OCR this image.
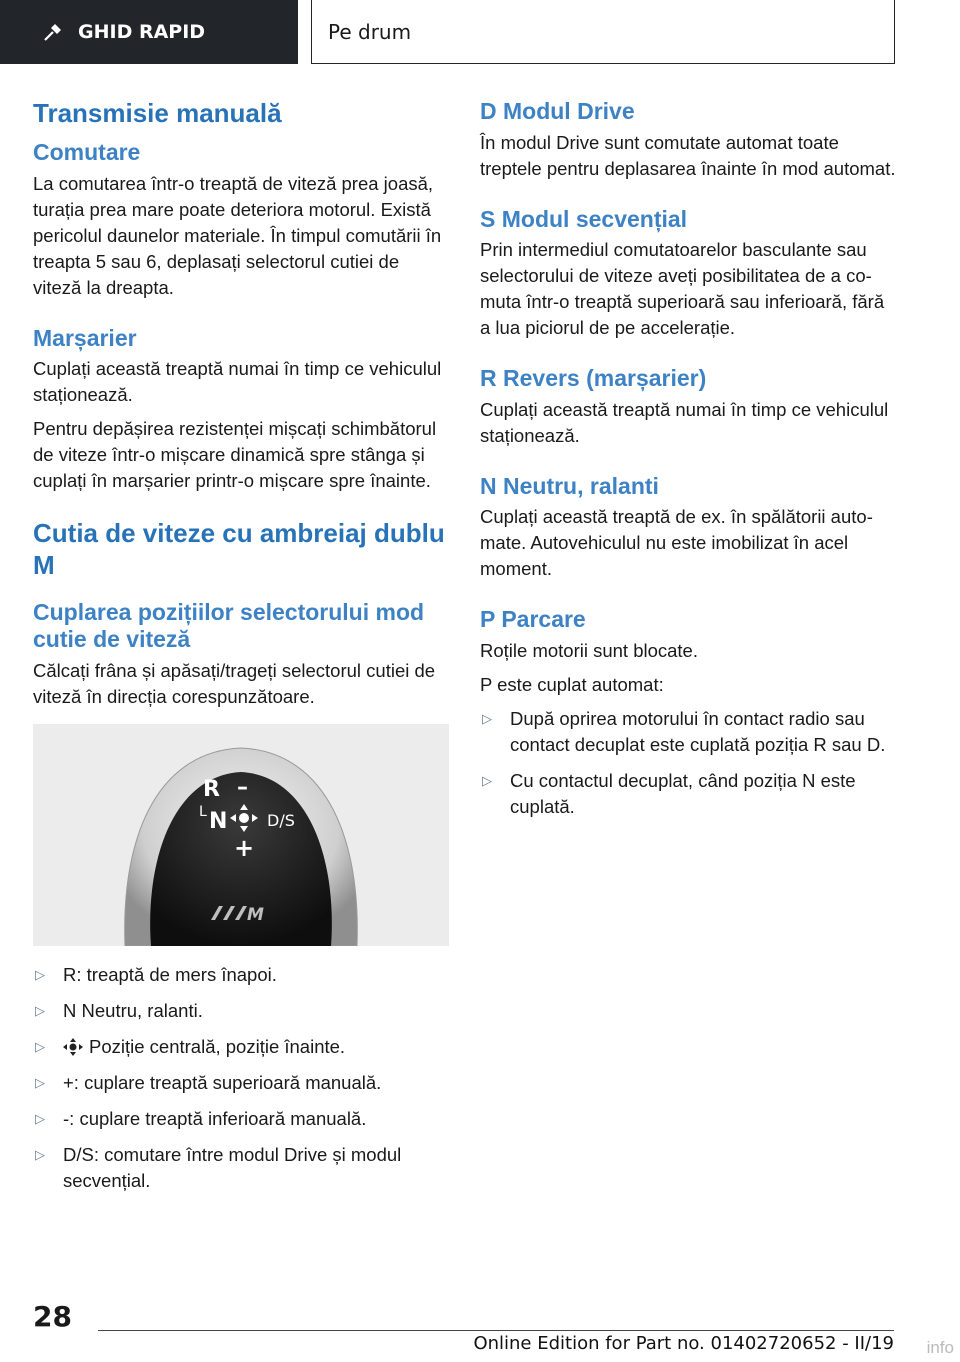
GHID RAPID	Pe drum
Transmisie manuală
Comutare

La comutarea într-o treaptă de viteză prea joasă, turația prea mare poate deteriora motorul. Există pericolul daunelor materiale. În timpul comutării în treapta 5 sau 6, deplasați selectorul cutiei de viteză la dreapta.

Marșarier

Cuplați această treaptă numai în timp ce vehiculul staționează.

Pentru depășirea rezistenței mișcați schimbătorul de viteze într-o mișcare dinamică spre stânga și cuplați în marșarier printr-o mișcare spre înainte.

Cutia de viteze cu ambreiaj dublu M
Cuplarea pozițiilor selectorului mod cutie de viteză

Călcați frâna și apăsați/trageți selectorul cutiei de viteză în direcția corespunzătoare.

R –
L N D/S
+
M
▷ R: treaptă de mers înapoi.
▷ N Neutru, ralanti.
▷	Poziție centrală, poziție înainte.
▷ +: cuplare treaptă superioară manuală.
▷ -: cuplare treaptă inferioară manuală.
▷ D/S: comutare între modul Drive și modul secvențial.
D Modul Drive

În modul Drive sunt comutate automat toate treptele pentru deplasarea înainte în mod automat.

S Modul secvențial

Prin intermediul comutatoarelor basculante sau selectorului de viteze aveți posibilitatea de a comuta într-o treaptă superioară sau inferioară, fără a lua piciorul de pe accelerație.

R Revers (marșarier)

Cuplați această treaptă numai în timp ce vehiculul staționează.

N Neutru, ralanti

Cuplați această treaptă de ex. în spălătorii automate. Autovehiculul nu este imobilizat în acel moment.

P Parcare

Roțile motorii sunt blocate.

P este cuplat automat:

▷ După oprirea motorului în contact radio sau contact decuplat este cuplată poziția R sau D.
▷ Cu contactul decuplat, când poziția N este cuplată.
28
Online Edition for Part no. 01402720652 - II/19 info
